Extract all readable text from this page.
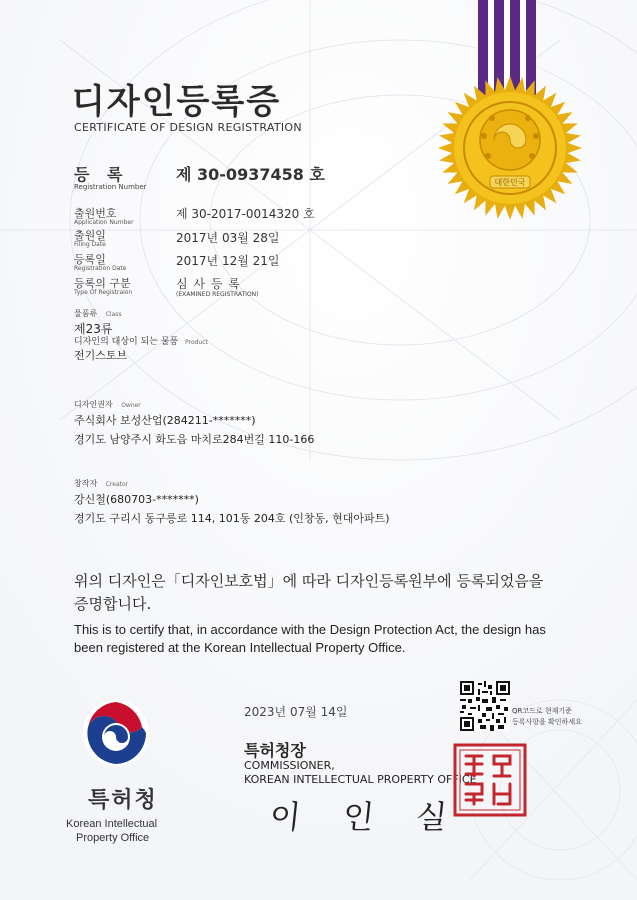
대한민국
디자인등록증
CERTIFICATE OF DESIGN REGISTRATION
등 록
Registration Number
제 30-0937458 호
출원번호
Application Number
제 30-2017-0014320 호
출원일
Filing Date	2017년 03월 28일
등록일
Registration Date
2017년 12월 21일
등록의 구분
Type Of Registraion
심 사 등 록
(EXAMINED REGISTRATION)
물품류 Class
제23류
디자인의 대상이 되는 물품 Product
전기스토브
디자인권자 Owner
주식회사 보성산업(284211-*******)
경기도 남양주시 화도읍 마치로284번길 110-166
창작자 Creator
강신철(680703-*******)
경기도 구리시 동구릉로 114, 101동 204호 (인창동, 현대아파트)
위의 디자인은「디자인보호법」에 따라 디자인등록원부에 등록되었음을
증명합니다.
This is to certify that, in accordance with the Design Protection Act, the design has
been registered at the Korean Intellectual Property Office.
2023년 07월 14일	QR코드로 현재기준
등록사항을 확인하세요
특허청장
COMMISSIONER,
KOREAN INTELLECTUAL PROPERTY OFFICE
이 인 실	특허청장인
특허청
Korean Intellectual
Property Office
